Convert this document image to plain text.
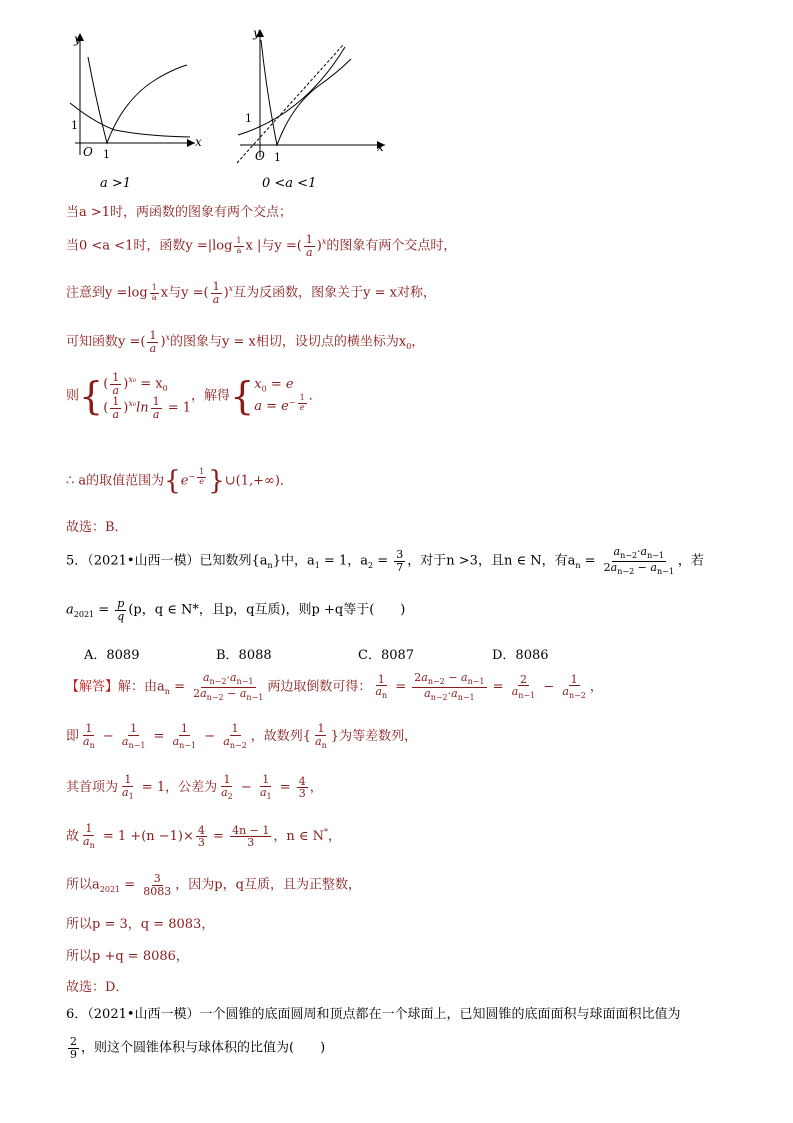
y
x
O
1
1
y
x
O
1
1
a >1	0 <a <1
当a >1时，两函数的图象有两个交点；
当0 <a <1时，函数$y =|\log \frac{1}{a}$ x |与y =( $\frac{1}{a} )^x$的图象有两个交点时，
注意到$y =\log \frac{1}{a}$ x与y =( $\frac{1}{a} )^x$互为反函数，图象关于y = x对称，
可知函数y =( $\frac{1}{a} )^x$的图象与y = x相切，设切点的横坐标为$x_0$，
则{ ( $\frac{1}{a} )^{x_0} = x_0$
( $\frac{1}{a} )^{x_0}\ln \frac{1}{a} = 1$
，解得{ $x_0 = e$
$a = e^{- \frac{1}{e}}$ ．
∴ a的取值范围为{$e^{- \frac{1}{e}}$ }∪(1,+∞)．
故选：B．
5．（2021•山西一模）已知数列$\{a_n\}$中，$a_1 = 1$，$a_2 = \frac{3}{7}$ ，对于n >3，且n ∈ N，有$a_n = \frac{a_{n-2}\cdot a_{n-1}}{2a_{n-2} - a_{n-1}}$ ，若
$a_{2021} = \frac{p}{q} (p$，q ∈ N*，且p，q互质)，则p +q等于(　　)
A．8089	B．8088	C．8087	D．8086
【解答】解：由$a_n = \frac{a_{n-2}\cdot a_{n-1}}{2a_{n-2} - a_{n-1}}$ 两边取倒数可得： $\frac{1}{a_n} = \frac{2a_{n-2} - a_{n-1}}{a_{n-2}\cdot a_{n-1}} = \frac{2}{a_{n-1}} - \frac{1}{a_{n-2}}$ ，
即 $\frac{1}{a_n} - \frac{1}{a_{n-1}} = \frac{1}{a_{n-1}} - \frac{1}{a_{n-2}}$ ，故数列{ $\frac{1}{a_n}$ }为等差数列，
其首项为 $\frac{1}{a_1} = 1$，公差为 $\frac{1}{a_2} - \frac{1}{a_1} = \frac{4}{3}$ ，
故 $\frac{1}{a_n} = 1 +(n -1)\times \frac{4}{3} = \frac{4n - 1}{3}$ ，n ∈ N*，
所以$a_{2021} = \frac{3}{8083}$ ，因为p，q互质，且为正整数，
所以p = 3，q = 8083，
所以p +q = 8086，
故选：D．
6．（2021•山西一模）一个圆锥的底面圆周和顶点都在一个球面上，已知圆锥的底面面积与球面面积比值为
$\frac{2}{9}$ ，则这个圆锥体积与球体积的比值为(　　)
